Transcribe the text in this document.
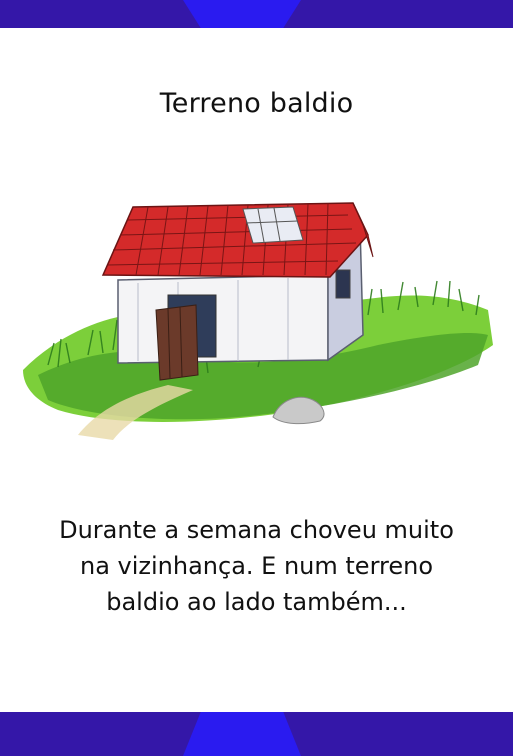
Terreno baldio
Durante a semana choveu muito
na vizinhança. E num terreno
baldio ao lado também...
